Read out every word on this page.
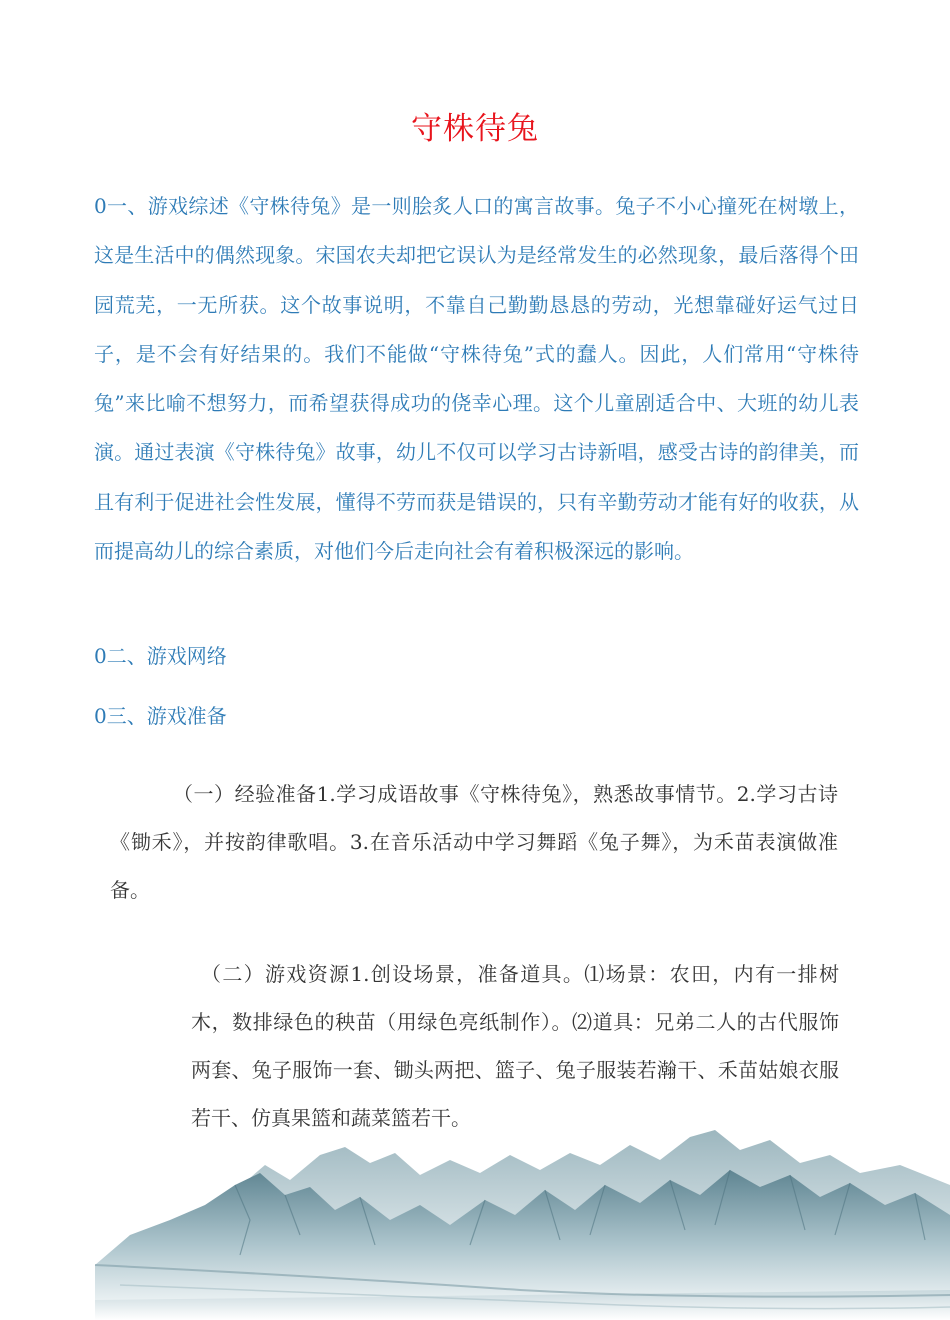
守株待兔
0一、游戏综述《守株待兔》是一则脍炙人口的寓言故事。兔子不小心撞死在树墩上，这是生活中的偶然现象。宋国农夫却把它误认为是经常发生的必然现象，最后落得个田园荒芜，一无所获。这个故事说明，不靠自己勤勤恳恳的劳动，光想靠碰好运气过日子，是不会有好结果的。我们不能做“守株待兔”式的蠢人。因此，人们常用“守株待兔”来比喻不想努力，而希望获得成功的侥幸心理。这个儿童剧适合中、大班的幼儿表演。通过表演《守株待兔》故事，幼儿不仅可以学习古诗新唱，感受古诗的韵律美，而且有利于促进社会性发展，懂得不劳而获是错误的，只有辛勤劳动才能有好的收获，从而提高幼儿的综合素质，对他们今后走向社会有着积极深远的影响。
0二、游戏网络
0三、游戏准备
（一）经验准备1.学习成语故事《守株待兔》，熟悉故事情节。2.学习古诗《锄禾》，并按韵律歌唱。3.在音乐活动中学习舞蹈《兔子舞》，为禾苗表演做准备。
（二）游戏资源1.创设场景，准备道具。⑴场景：农田，内有一排树木，数排绿色的秧苗（用绿色亮纸制作）。⑵道具：兄弟二人的古代服饰两套、兔子服饰一套、锄头两把、篮子、兔子服装若瀚干、禾苗姑娘衣服若干、仿真果篮和蔬菜篮若干。
